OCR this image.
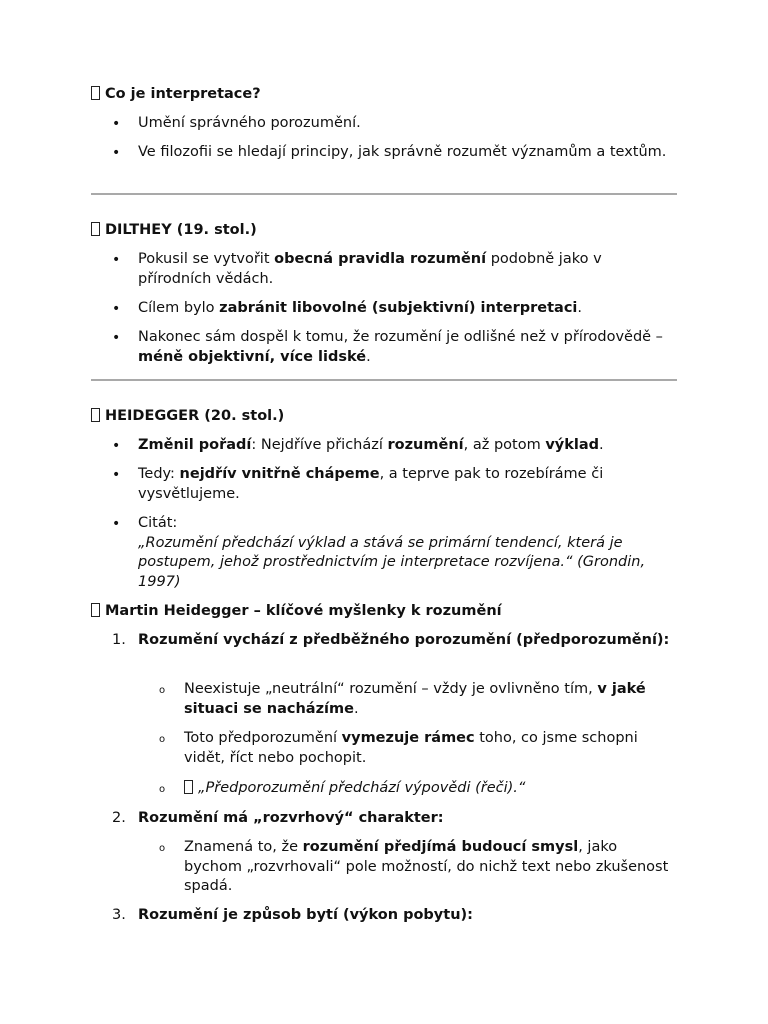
Co je interpretace?
• Umění správného porozumění.
• Ve filozofii se hledají principy, jak správně rozumět významům a textům.
DILTHEY (19. stol.)
• Pokusil se vytvořit obecná pravidla rozumění podobně jako v přírodních vědách.
• Cílem bylo zabránit libovolné (subjektivní) interpretaci.
• Nakonec sám dospěl k tomu, že rozumění je odlišné než v přírodovědě – méně objektivní, více lidské.
HEIDEGGER (20. stol.)
• Změnil pořadí: Nejdříve přichází rozumění, až potom výklad.
• Tedy: nejdřív vnitřně chápeme, a teprve pak to rozebíráme či vysvětlujeme.
• Citát:
„Rozumění předchází výklad a stává se primární tendencí, která je postupem, jehož prostřednictvím je interpretace rozvíjena.“ (Grondin, 1997)
Martin Heidegger – klíčové myšlenky k rozumění
1. Rozumění vychází z předběžného porozumění (předporozumění):
o Neexistuje „neutrální“ rozumění – vždy je ovlivněno tím, v jaké situaci se nacházíme.
o Toto předporozumění vymezuje rámec toho, co jsme schopni vidět, říct nebo pochopit.
o	„Předporozumění předchází výpovědi (řeči).“
2. Rozumění má „rozvrhový“ charakter:
o Znamená to, že rozumění předjímá budoucí smysl, jako bychom „rozvrhovali“ pole možností, do nichž text nebo zkušenost spadá.
3. Rozumění je způsob bytí (výkon pobytu):
